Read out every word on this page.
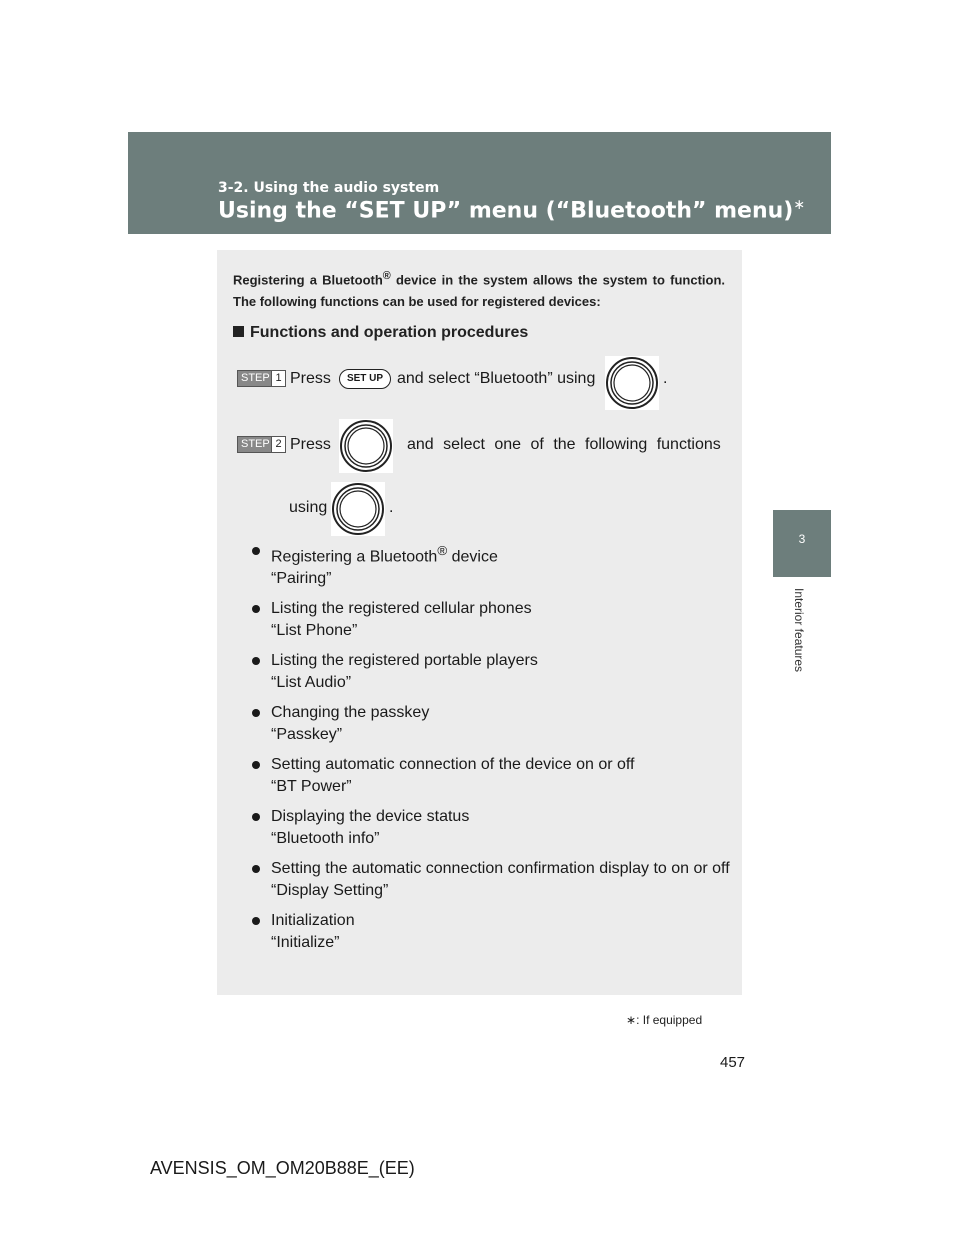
3-2. Using the audio system
Using the “SET UP” menu (“Bluetooth” menu)∗
3
Interior features
Registering a Bluetooth® device in the system allows the system to function. The following functions can be used for registered devices:
Functions and operation procedures
STEP 1 Press	SET UP and select “Bluetooth” using	.
STEP 2 Press	and select one of the following functions
using	.
Registering a Bluetooth® device
“Pairing”
Listing the registered cellular phones
“List Phone”
Listing the registered portable players
“List Audio”
Changing the passkey
“Passkey”
Setting automatic connection of the device on or off
“BT Power”
Displaying the device status
“Bluetooth info”
Setting the automatic connection confirmation display to on or off
“Display Setting”
Initialization
“Initialize”
∗: If equipped
457
AVENSIS_OM_OM20B88E_(EE)
